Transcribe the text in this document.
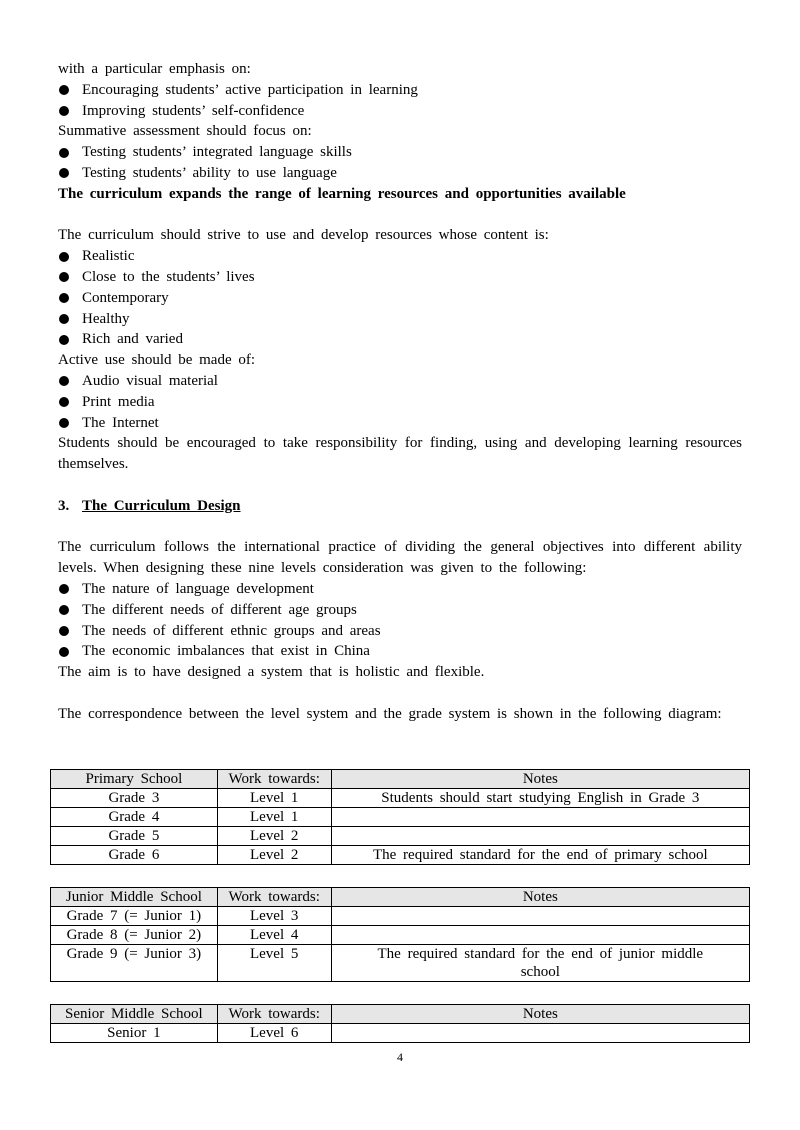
with a particular emphasis on:
Encouraging students’ active participation in learning
Improving students’ self-confidence
Summative assessment should focus on:
Testing students’ integrated language skills
Testing students’ ability to use language
The curriculum expands the range of learning resources and opportunities available
The curriculum should strive to use and develop resources whose content is:
Realistic
Close to the students’ lives
Contemporary
Healthy
Rich and varied
Active use should be made of:
Audio visual material
Print media
The Internet
Students should be encouraged to take responsibility for finding, using and developing learning resources themselves.
3. The Curriculum Design
The curriculum follows the international practice of dividing the general objectives into different ability levels. When designing these nine levels consideration was given to the following:
The nature of language development
The different needs of different age groups
The needs of different ethnic groups and areas
The economic imbalances that exist in China
The aim is to have designed a system that is holistic and flexible.
The correspondence between the level system and the grade system is shown in the following diagram:
Primary School	Work towards:	Notes
Grade 3	Level 1	Students should start studying English in Grade 3
Grade 4	Level 1	
Grade 5	Level 2	
Grade 6	Level 2	The required standard for the end of primary school
Junior Middle School	Work towards:	Notes
Grade 7 (= Junior 1)	Level 3	
Grade 8 (= Junior 2)	Level 4	
Grade 9 (= Junior 3)	Level 5	The required standard for the end of junior middle school
Senior Middle School	Work towards:	Notes
Senior 1	Level 6	
4
